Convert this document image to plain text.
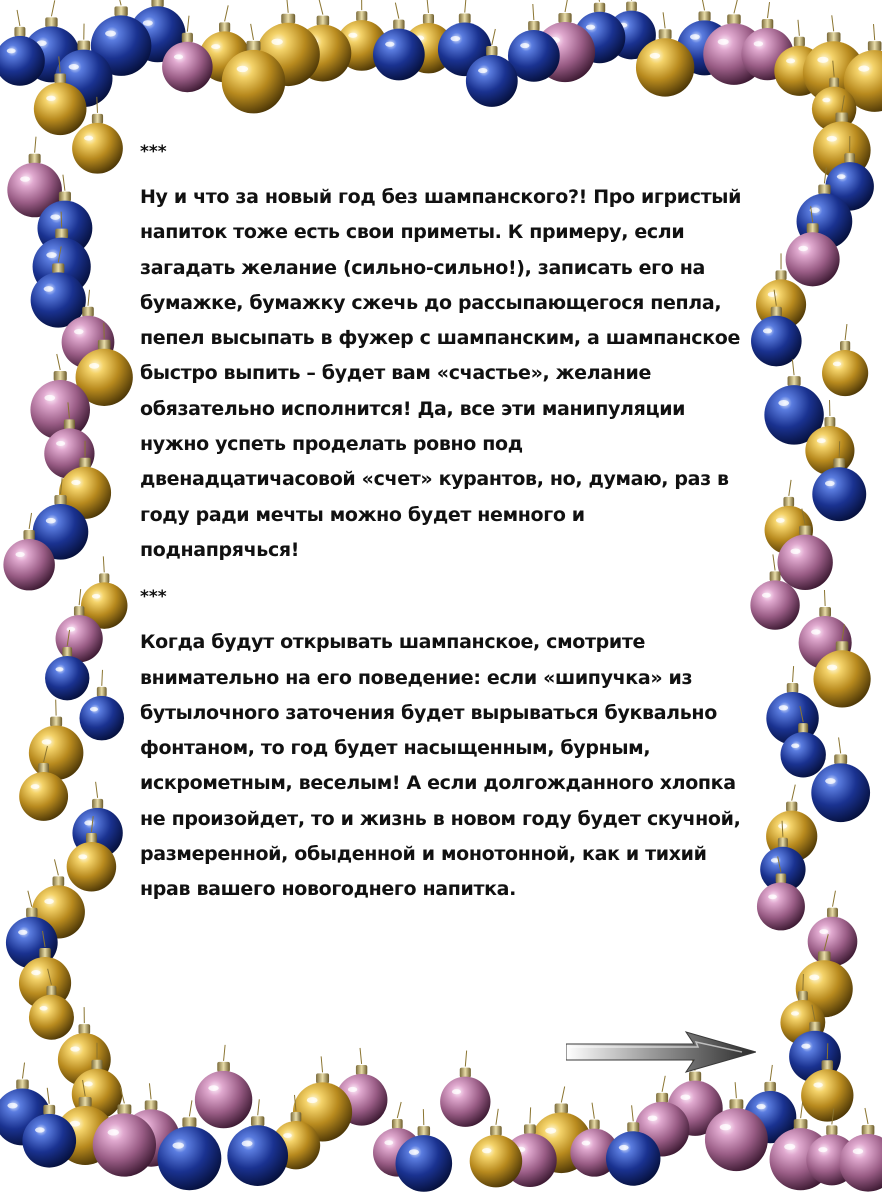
***

Ну и что за новый год без шампанского?! Про игристый
напиток тоже есть свои приметы. К примеру, если
загадать желание (сильно-сильно!), записать его на
бумажке, бумажку сжечь до рассыпающегося пепла,
пепел высыпать в фужер с шампанским, а шампанское
быстро выпить – будет вам «счастье», желание
обязательно исполнится! Да, все эти манипуляции
нужно успеть проделать ровно под
двенадцатичасовой «счет» курантов, но, думаю, раз в
году ради мечты можно будет немного и
поднапрячься!

***

Когда будут открывать шампанское, смотрите
внимательно на его поведение: если «шипучка» из
бутылочного заточения будет вырываться буквально
фонтаном, то год будет насыщенным, бурным,
искрометным, веселым! А если долгожданного хлопка
не произойдет, то и жизнь в новом году будет скучной,
размеренной, обыденной и монотонной, как и тихий
нрав вашего новогоднего напитка.
